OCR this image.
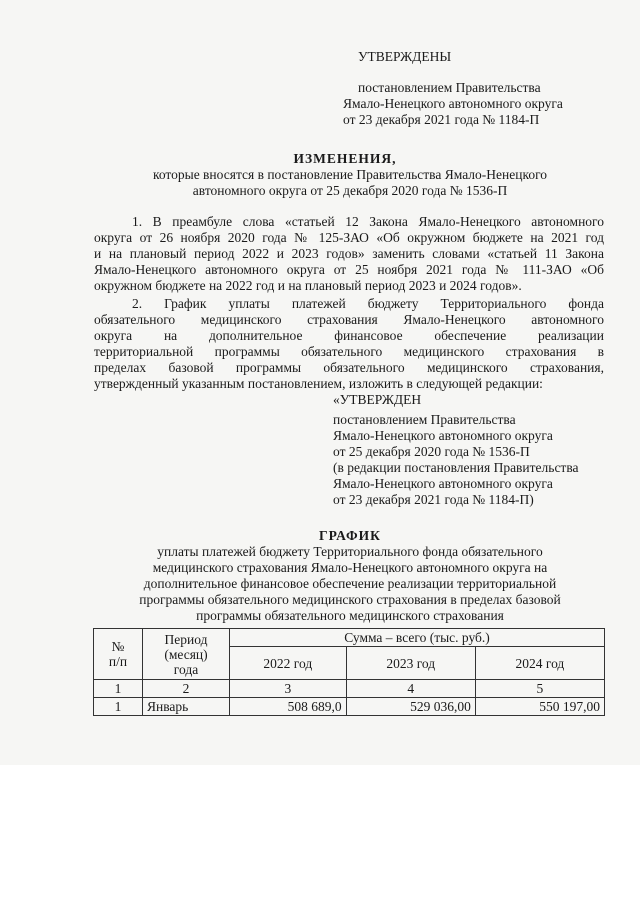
УТВЕРЖДЕНЫ
постановлением Правительства
Ямало-Ненецкого автономного округа
от 23 декабря 2021 года № 1184-П
ИЗМЕНЕНИЯ,
которые вносятся в постановление Правительства Ямало-Ненецкого
автономного округа от 25 декабря 2020 года № 1536-П
1. В преамбуле слова «статьей 12 Закона Ямало-Ненецкого автономного
округа от 26 ноября 2020 года № 125-ЗАО «Об окружном бюджете на 2021 год
и на плановый период 2022 и 2023 годов» заменить словами «статьей 11 Закона
Ямало-Ненецкого автономного округа от 25 ноября 2021 года № 111-ЗАО «Об
окружном бюджете на 2022 год и на плановый период 2023 и 2024 годов».
2. График уплаты платежей бюджету Территориального фонда
обязательного медицинского страхования Ямало-Ненецкого автономного
округа на дополнительное финансовое обеспечение реализации
территориальной программы обязательного медицинского страхования в
пределах базовой программы обязательного медицинского страхования,
утвержденный указанным постановлением, изложить в следующей редакции:
«УТВЕРЖДЕН
постановлением Правительства
Ямало-Ненецкого автономного округа
от 25 декабря 2020 года № 1536-П
(в редакции постановления Правительства
Ямало-Ненецкого автономного округа
от 23 декабря 2021 года № 1184-П)
ГРАФИК
уплаты платежей бюджету Территориального фонда обязательного
медицинского страхования Ямало-Ненецкого автономного округа на
дополнительное финансовое обеспечение реализации территориальной
программы обязательного медицинского страхования в пределах базовой
программы обязательного медицинского страхования
№
п/п	Период
(месяц)
года	Сумма – всего (тыс. руб.)		
		2022 год	2023 год	2024 год
1	2	3	4	5
1	Январь	508 689,0	529 036,00	550 197,00
